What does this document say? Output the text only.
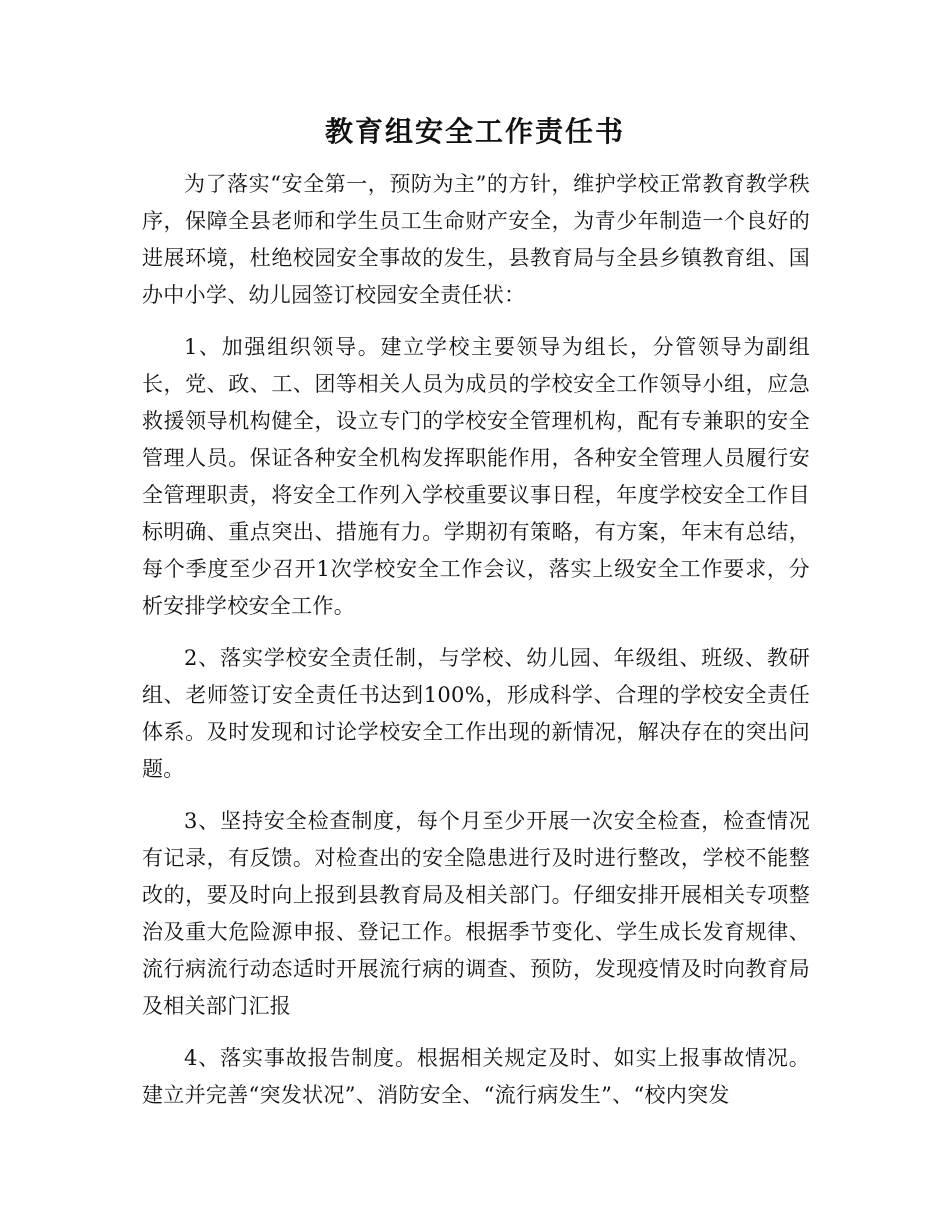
教育组安全工作责任书

为了落实“安全第一，预防为主”的方针，维护学校正常教育教学秩序，保障全县老师和学生员工生命财产安全，为青少年制造一个良好的进展环境，杜绝校园安全事故的发生，县教育局与全县乡镇教育组、国办中小学、幼儿园签订校园安全责任状：

1、加强组织领导。建立学校主要领导为组长，分管领导为副组长，党、政、工、团等相关人员为成员的学校安全工作领导小组，应急救援领导机构健全，设立专门的学校安全管理机构，配有专兼职的安全管理人员。保证各种安全机构发挥职能作用，各种安全管理人员履行安全管理职责，将安全工作列入学校重要议事日程，年度学校安全工作目标明确、重点突出、措施有力。学期初有策略，有方案，年末有总结，每个季度至少召开1次学校安全工作会议，落实上级安全工作要求，分析安排学校安全工作。

2、落实学校安全责任制，与学校、幼儿园、年级组、班级、教研组、老师签订安全责任书达到100%，形成科学、合理的学校安全责任体系。及时发现和讨论学校安全工作出现的新情况，解决存在的突出问题。

3、坚持安全检查制度，每个月至少开展一次安全检查，检查情况有记录，有反馈。对检查出的安全隐患进行及时进行整改，学校不能整改的，要及时向上报到县教育局及相关部门。仔细安排开展相关专项整治及重大危险源申报、登记工作。根据季节变化、学生成长发育规律、流行病流行动态适时开展流行病的调查、预防，发现疫情及时向教育局及相关部门汇报

4、落实事故报告制度。根据相关规定及时、如实上报事故情况。建立并完善“突发状况”、消防安全、“流行病发生”、“校内突发
